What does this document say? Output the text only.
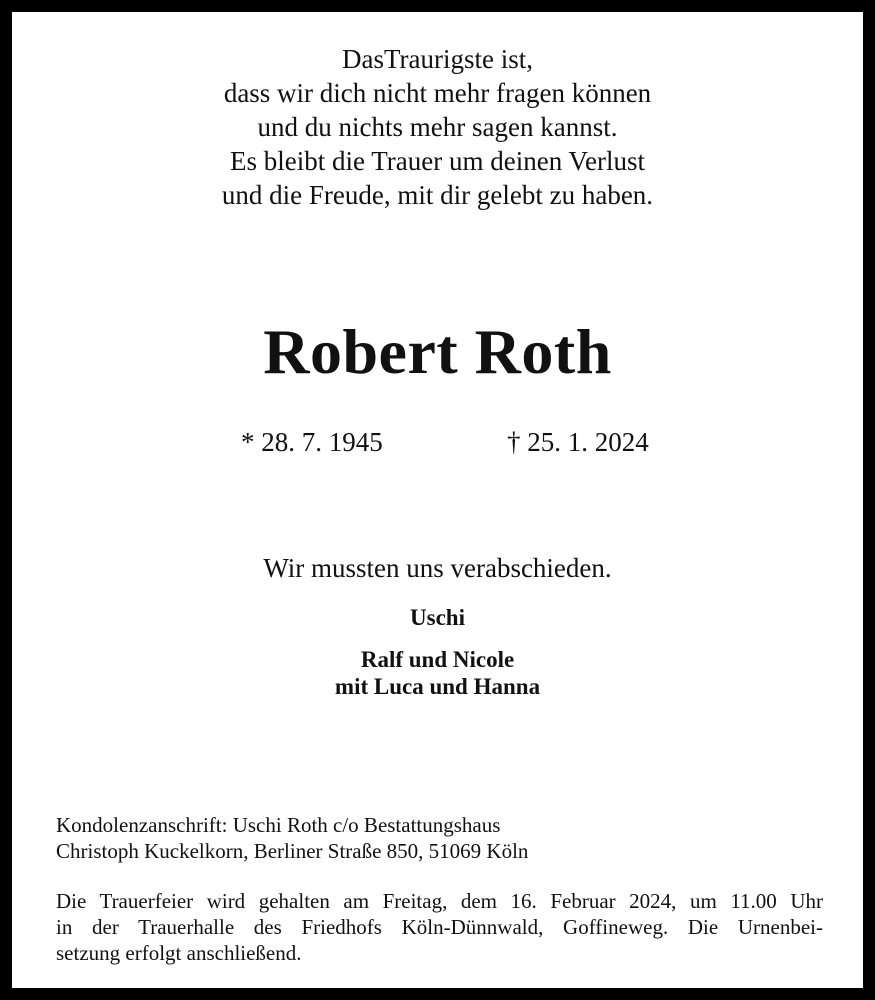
DasTraurigste ist,
dass wir dich nicht mehr fragen können
und du nichts mehr sagen kannst.
Es bleibt die Trauer um deinen Verlust
und die Freude, mit dir gelebt zu haben.
Robert Roth
* 28. 7. 1945	† 25. 1. 2024
Wir mussten uns verabschieden.
Uschi
Ralf und Nicole
mit Luca und Hanna
Kondolenzanschrift: Uschi Roth c/o Bestattungshaus
Christoph Kuckelkorn, Berliner Straße 850, 51069 Köln
Die Trauerfeier wird gehalten am Freitag, dem 16. Februar 2024, um 11.00 Uhr
in der Trauerhalle des Friedhofs Köln-Dünnwald, Goffineweg. Die Urnenbei-
setzung erfolgt anschließend.
